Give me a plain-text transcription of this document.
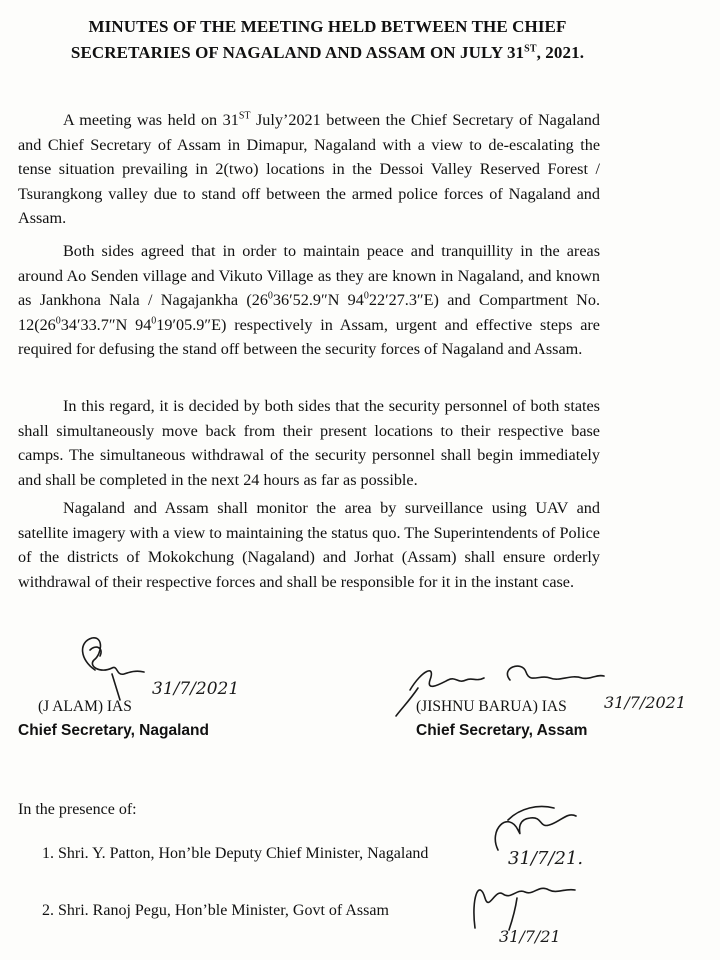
MINUTES OF THE MEETING HELD BETWEEN THE CHIEF
SECRETARIES OF NAGALAND AND ASSAM ON JULY 31ST, 2021.
A meeting was held on 31ST July’2021 between the Chief Secretary of Nagaland and Chief Secretary of Assam in Dimapur, Nagaland with a view to de-escalating the tense situation prevailing in 2(two) locations in the Dessoi Valley Reserved Forest / Tsurangkong valley due to stand off between the armed police forces of Nagaland and Assam.
Both sides agreed that in order to maintain peace and tranquillity in the areas around Ao Senden village and Vikuto Village as they are known in Nagaland, and known as Jankhona Nala / Nagajankha ($26^036'52.9''N$ $94^022'27.3''E$) and Compartment No. $12(26^034'33.7''N$ $94^019'05.9''E$) respectively in Assam, urgent and effective steps are required for defusing the stand off between the security forces of Nagaland and Assam.
In this regard, it is decided by both sides that the security personnel of both states shall simultaneously move back from their present locations to their respective base camps. The simultaneous withdrawal of the security personnel shall begin immediately and shall be completed in the next 24 hours as far as possible.
Nagaland and Assam shall monitor the area by surveillance using UAV and satellite imagery with a view to maintaining the status quo. The Superintendents of Police of the districts of Mokokchung (Nagaland) and Jorhat (Assam) shall ensure orderly withdrawal of their respective forces and shall be responsible for it in the instant case.
31/7/2021
(J ALAM) IAS
Chief Secretary, Nagaland
31/7/2021
(JISHNU BARUA) IAS
Chief Secretary, Assam
In the presence of:
1. Shri. Y. Patton, Hon’ble Deputy Chief Minister, Nagaland	31/7/21.
2. Shri. Ranoj Pegu, Hon’ble Minister, Govt of Assam
31/7/21
